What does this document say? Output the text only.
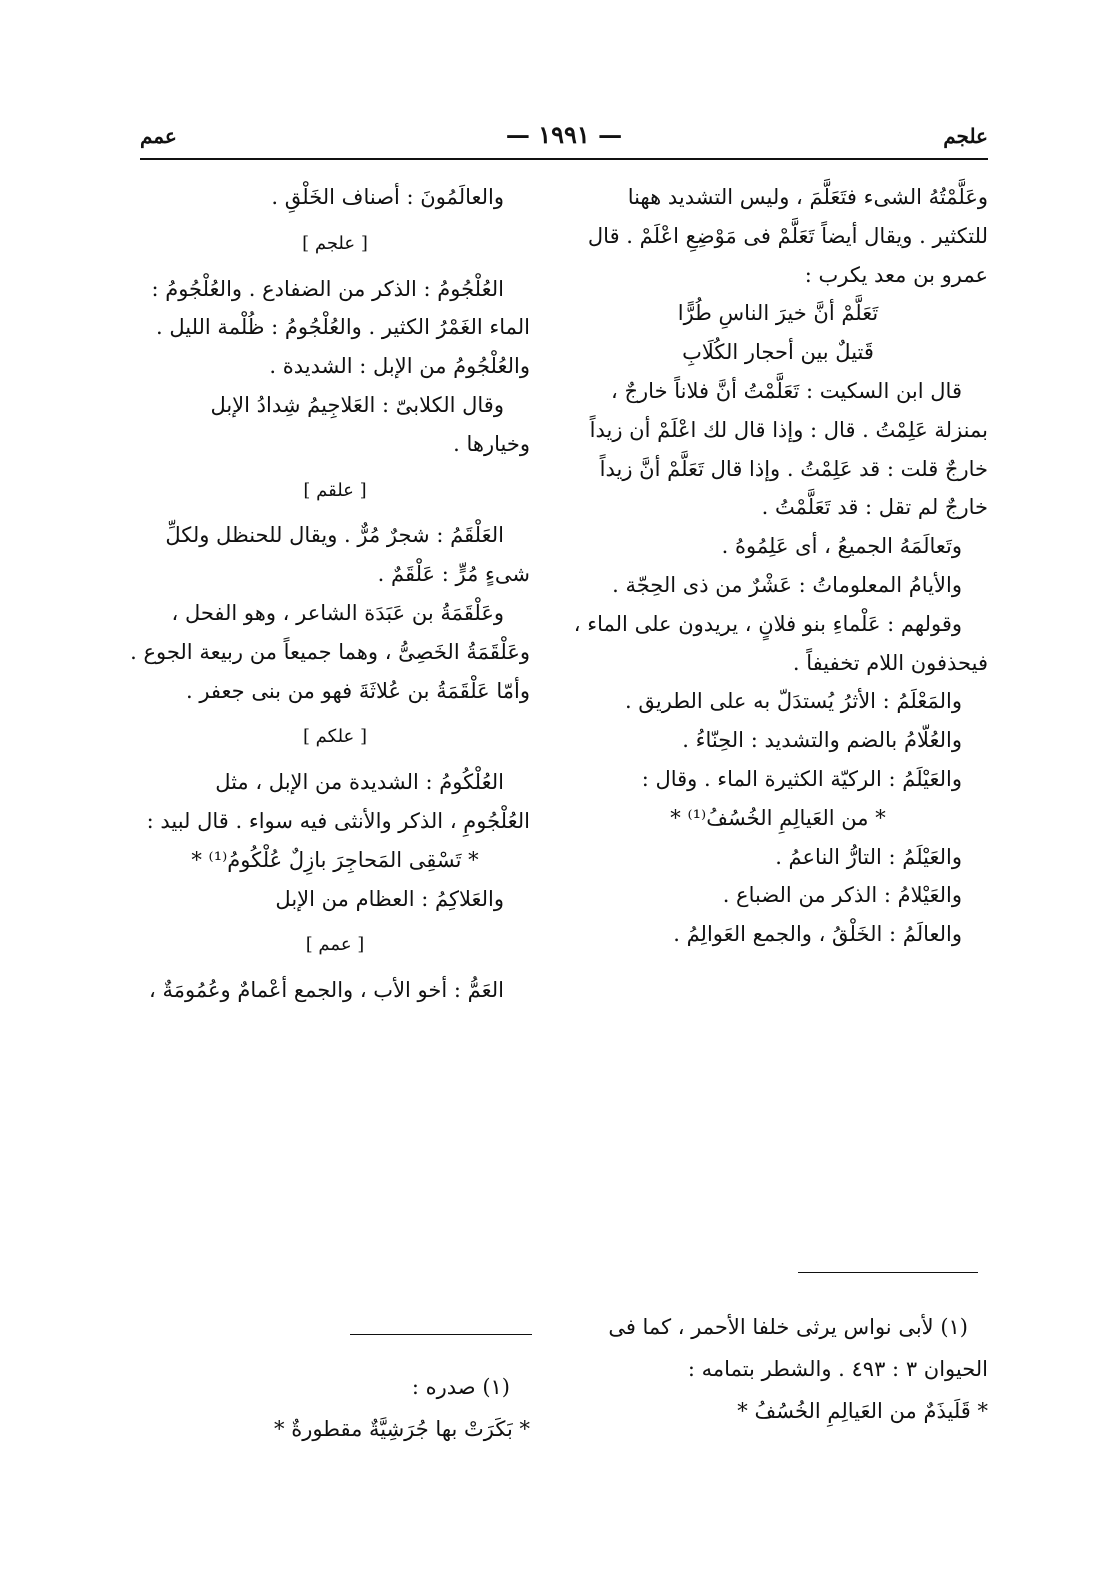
علجم
— ١٩٩١ —
عمم

وعَلَّمْتُهُ الشىء فتَعَلَّمَ ، وليس التشديد ههنا

للتكثير . ويقال أيضاً تَعَلَّمْ فى مَوْضِعِ اعْلَمْ . قال

عمرو بن معد يكرب :

تَعَلَّمْ أنَّ خيرَ الناسِ طُرًّا

قَتيلٌ بين أحجار الكُلَابِ

قال ابن السكيت : تَعَلَّمْتُ أنَّ فلاناً خارجٌ ،

بمنزلة عَلِمْتُ . قال : وإذا قال لك اعْلَمْ أن زيداً

خارجٌ قلت : قد عَلِمْتُ . وإذا قال تَعَلَّمْ أنَّ زيداً

خارجٌ لم تقل : قد تَعَلَّمْتُ .

وتَعالَمَهُ الجميعُ ، أى عَلِمُوهُ .

والأيامُ المعلوماتُ : عَشْرٌ من ذى الحِجّة .

وقولهم : عَلْماءِ بنو فلانٍ ، يريدون على الماء ،

فيحذفون اللام تخفيفاً .

والمَعْلَمُ : الأثرُ يُستدَلّ به على الطريق .

والعُلّامُ بالضم والتشديد : الحِنّاءُ .

والعَيْلَمُ : الركيّة الكثيرة الماء . وقال :

* من العَيالِمِ الخُسُفُ⁽¹⁾ *

والعَيْلَمُ : التارُّ الناعمُ .

والعَيْلامُ : الذكر من الضباع .

والعالَمُ : الخَلْقُ ، والجمع العَوالِمُ .

والعالَمُونَ : أصناف الخَلْقِ .

[ علجم ]

العُلْجُومُ : الذكر من الضفادع . والعُلْجُومُ :

الماء الغَمْرُ الكثير . والعُلْجُومُ : ظُلْمة الليل .

والعُلْجُومُ من الإبل : الشديدة .

وقال الكلابىّ : العَلاجِيمُ شِدادُ الإبل

وخيارها .

[ علقم ]

العَلْقَمُ : شجرٌ مُرٌّ . ويقال للحنظل ولكلِّ

شىءٍ مُرٍّ : عَلْقَمٌ .

وعَلْقَمَةُ بن عَبَدَة الشاعر ، وهو الفحل ،

وعَلْقَمَةُ الخَصِىُّ ، وهما جميعاً من ربيعة الجوع .

وأمّا عَلْقَمَةُ بن عُلاثَةَ فهو من بنى جعفر .

[ علكم ]

العُلْكُومُ : الشديدة من الإبل ، مثل

العُلْجُومِ ، الذكر والأنثى فيه سواء . قال لبيد :

* تَسْقِى المَحاجِرَ بازِلٌ عُلْكُومُ⁽¹⁾ *

والعَلاكِمُ : العظام من الإبل

[ عمم ]

العَمُّ : أخو الأب ، والجمع أعْمامٌ وعُمُومَةٌ ،

(١) لأبى نواس يرثى خلفا الأحمر ، كما فى

الحيوان ٣ : ٤٩٣ . والشطر بتمامه :

* قَلَيذَمٌ من العَيالِمِ الخُسُفُ *

(١) صدره :

* بَكَرَتْ بها جُرَشِيَّةٌ مقطورةٌ *
